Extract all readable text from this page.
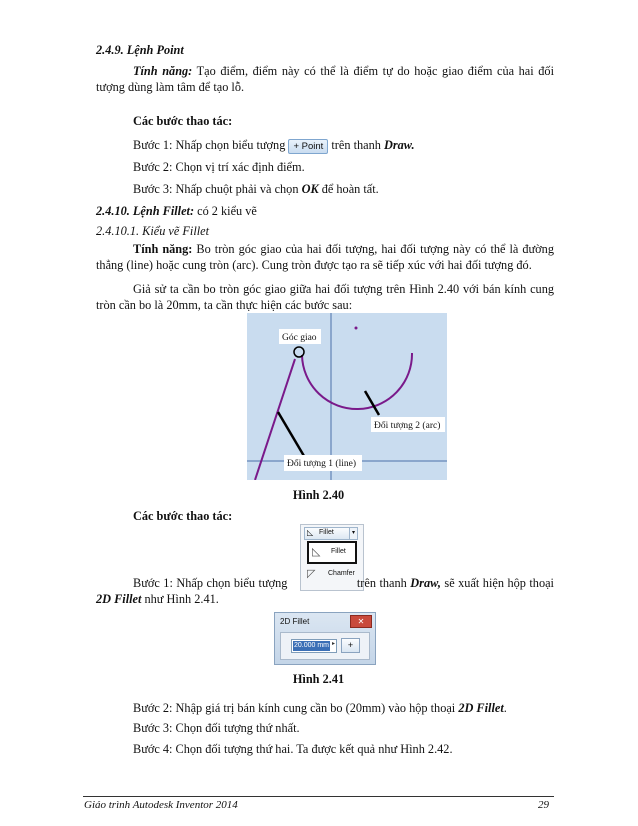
2.4.9. Lệnh Point
Tính năng: Tạo điểm, điểm này có thể là điểm tự do hoặc giao điểm của hai đối tượng dùng làm tâm để tạo lỗ.
Các bước thao tác:
Bước 1: Nhấp chọn biểu tượng + Point trên thanh Draw.
Bước 2: Chọn vị trí xác định điểm.
Bước 3: Nhấp chuột phải và chọn OK để hoàn tất.
2.4.10. Lệnh Fillet: có 2 kiểu vẽ
2.4.10.1. Kiểu vẽ Fillet
Tính năng: Bo tròn góc giao của hai đối tượng, hai đối tượng này có thể là đường thẳng (line) hoặc cung tròn (arc). Cung tròn được tạo ra sẽ tiếp xúc với hai đối tượng đó.
Giả sử ta cần bo tròn góc giao giữa hai đối tượng trên Hình 2.40 với bán kính cung tròn cần bo là 20mm, ta cần thực hiện các bước sau:
Góc giao
Đối tượng 2 (arc)
Đối tượng 1 (line)
Hình 2.40
Các bước thao tác:
◺ Fillet	▾
◺ Fillet
◸ Chamfer
Bước 1: Nhấp chọn biểu tượng	trên thanh Draw, sẽ xuất hiện hộp thoại 2D Fillet như Hình 2.41.
2D Fillet	✕
20.000 mm ▸	+
Hình 2.41
Bước 2: Nhập giá trị bán kính cung cần bo (20mm) vào hộp thoại 2D Fillet.
Bước 3: Chọn đối tượng thứ nhất.
Bước 4: Chọn đối tượng thứ hai. Ta được kết quả như Hình 2.42.
Giáo trình Autodesk Inventor 2014	29
